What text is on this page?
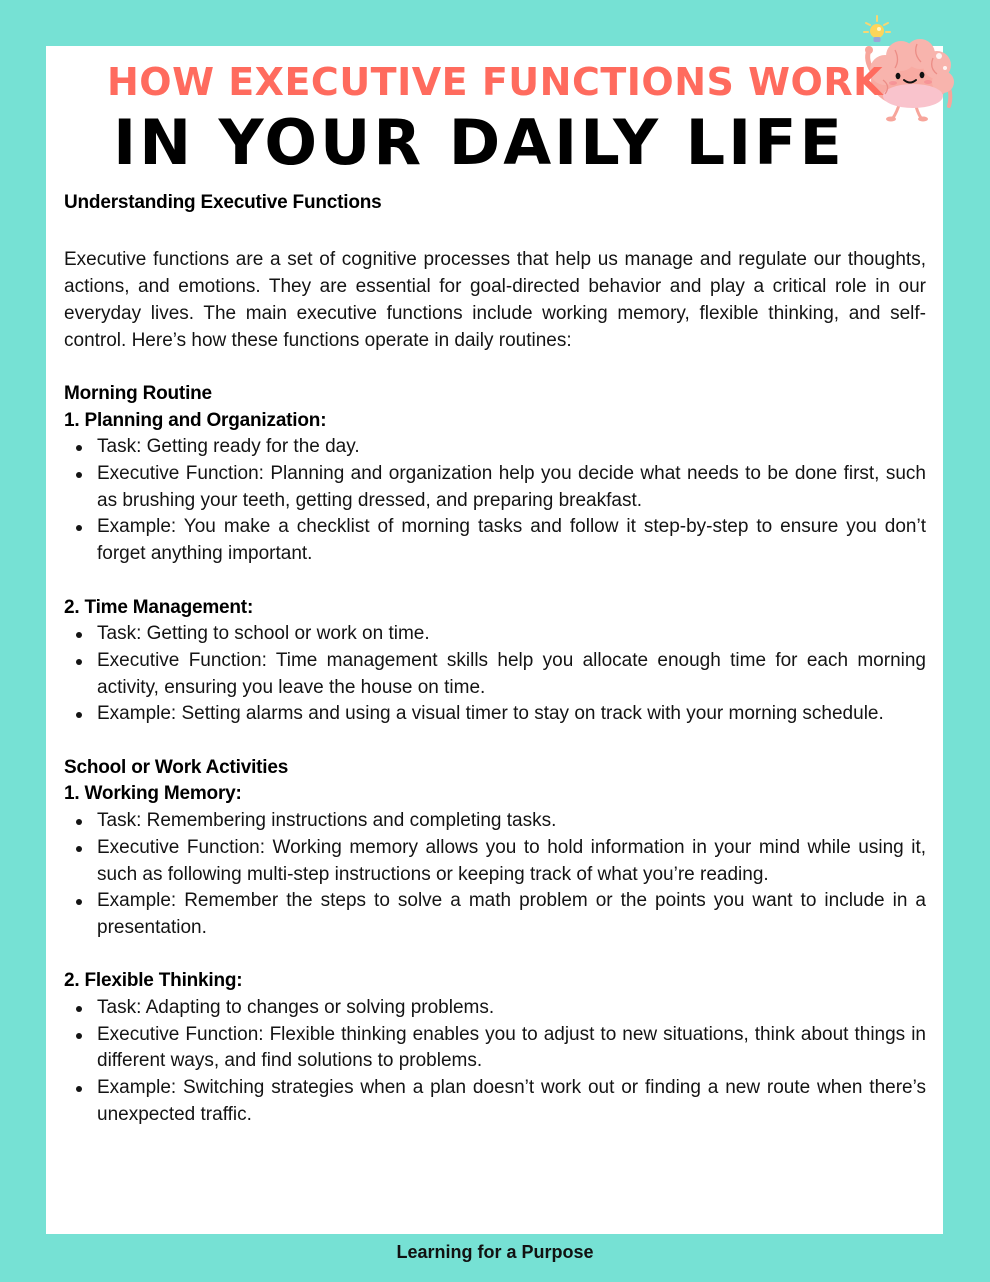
HOW EXECUTIVE FUNCTIONS WORK
IN YOUR DAILY LIFE
Understanding Executive Functions

Executive functions are a set of cognitive processes that help us manage and regulate our thoughts, actions, and emotions. They are essential for goal-directed behavior and play a critical role in our everyday lives. The main executive functions include working memory, flexible thinking, and self-control. Here’s how these functions operate in daily routines:

Morning Routine
1. Planning and Organization:
Task: Getting ready for the day.
Executive Function: Planning and organization help you decide what needs to be done first, such as brushing your teeth, getting dressed, and preparing breakfast.
Example: You make a checklist of morning tasks and follow it step-by-step to ensure you don’t forget anything important.
2. Time Management:
Task: Getting to school or work on time.
Executive Function: Time management skills help you allocate enough time for each morning activity, ensuring you leave the house on time.
Example: Setting alarms and using a visual timer to stay on track with your morning schedule.
School or Work Activities
1. Working Memory:
Task: Remembering instructions and completing tasks.
Executive Function: Working memory allows you to hold information in your mind while using it, such as following multi-step instructions or keeping track of what you’re reading.
Example: Remember the steps to solve a math problem or the points you want to include in a presentation.
2. Flexible Thinking:
Task: Adapting to changes or solving problems.
Executive Function: Flexible thinking enables you to adjust to new situations, think about things in different ways, and find solutions to problems.
Example: Switching strategies when a plan doesn’t work out or finding a new route when there’s unexpected traffic.
Learning for a Purpose
